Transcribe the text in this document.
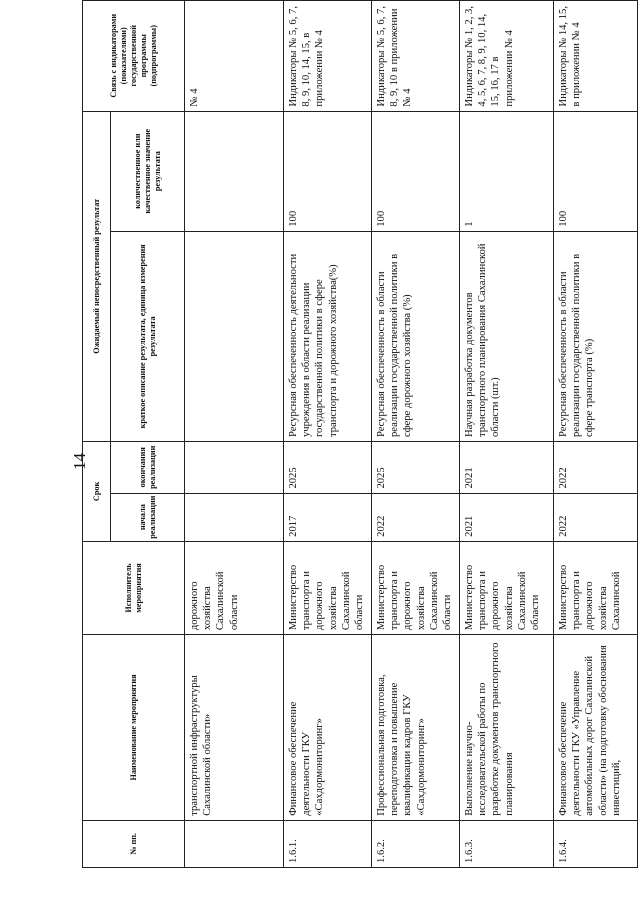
14
№ пп.	Наименование мероприятия	Исполнитель мероприятия	Срок		Ожидаемый непосредственный результат		Связь с индикаторами (показателями) государственной программы (подпрограммы)
			начала реализации	окончания реализации	краткое описание результата, единица измерения результата	количественное или качественное значение результата	
	транспортной инфраструктуры Сахалинской области»	дорожного хозяйства Сахалинской области					№ 4
1.6.1.	Финансовое обеспечение деятельности ГКУ «Сахдормониторинг»	Министерство транспорта и дорожного хозяйства Сахалинской области	2017	2025	Ресурсная обеспеченность деятельности учреждения в области реализации государственной политики в сфере транспорта и дорожного хозяйства(%)	100	Индикаторы № 5, 6, 7, 8, 9, 10, 14, 15, в приложении № 4
1.6.2.	Профессиональная подготовка, переподготовка и повышение квалификации кадров ГКУ «Сахдормониторинг»	Министерство транспорта и дорожного хозяйства Сахалинской области	2022	2025	Ресурсная обеспеченность в области реализации государственной политики в сфере дорожного хозяйства (%)	100	Индикаторы № 5, 6, 7, 8, 9, 10 в приложении № 4
1.6.3.	Выполнение научно-исследовательской работы по разработке документов транспортного планирования	Министерство транспорта и дорожного хозяйства Сахалинской области	2021	2021	Научная разработка документов транспортного планирования Сахалинской области (шт.)	1	Индикаторы № 1, 2, 3, 4, 5, 6, 7, 8, 9, 10, 14, 15, 16, 17 в приложении № 4
1.6.4.	Финансовое обеспечение деятельности ГКУ «Управление автомобильных дорог Сахалинской области» (на подготовку обоснования инвестиций,	Министерство транспорта и дорожного хозяйства Сахалинской	2022	2022	Ресурсная обеспеченность в области реализации государственной политики в сфере транспорта (%)	100	Индикаторы № 14, 15, в приложении № 4
